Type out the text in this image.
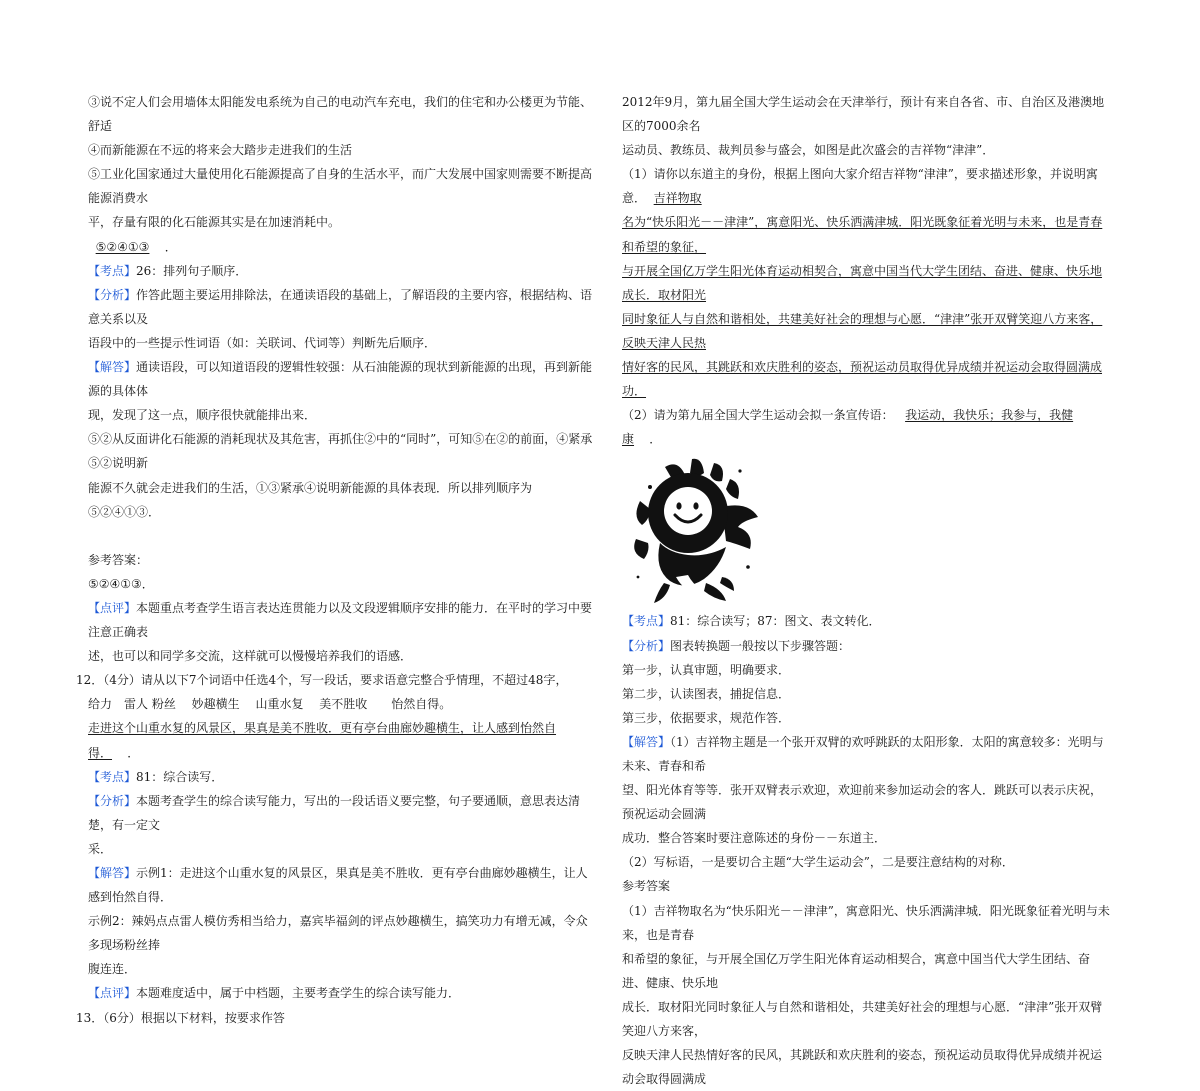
③说不定人们会用墙体太阳能发电系统为自己的电动汽车充电，我们的住宅和办公楼更为节能、舒适

④而新能源在不远的将来会大踏步走进我们的生活

⑤工业化国家通过大量使用化石能源提高了自身的生活水平，而广大发展中国家则需要不断提高能源消费水

平，存量有限的化石能源其实是在加速消耗中。

⑤②④①③ ．

【考点】26：排列句子顺序．

【分析】作答此题主要运用排除法，在通读语段的基础上，了解语段的主要内容，根据结构、语意关系以及

语段中的一些提示性词语（如：关联词、代词等）判断先后顺序．

【解答】通读语段，可以知道语段的逻辑性较强：从石油能源的现状到新能源的出现，再到新能源的具体体

现，发现了这一点，顺序很快就能排出来．

⑤②从反面讲化石能源的消耗现状及其危害，再抓住②中的“同时”，可知⑤在②的前面，④紧承⑤②说明新

能源不久就会走进我们的生活，①③紧承④说明新能源的具体表现．所以排列顺序为⑤②④①③．

参考答案：

⑤②④①③．

【点评】本题重点考查学生语言表达连贯能力以及文段逻辑顺序安排的能力．在平时的学习中要注意正确表

述，也可以和同学多交流，这样就可以慢慢培养我们的语感．

12．（4分）请从以下7个词语中任选4个，写一段话，要求语意完整合乎情理，不超过48字，

给力　雷人 粉丝　 妙趣横生　 山重水复　 美不胜收　　怡然自得。

走进这个山重水复的风景区，果真是美不胜收．更有亭台曲廊妙趣横生，让人感到怡然自得． ．

【考点】81：综合读写．

【分析】本题考查学生的综合读写能力，写出的一段话语义要完整，句子要通顺，意思表达清楚，有一定文

采．

【解答】示例1：走进这个山重水复的风景区，果真是美不胜收．更有亭台曲廊妙趣横生，让人感到怡然自得．

示例2：辣妈点点雷人模仿秀相当给力，嘉宾毕福剑的评点妙趣横生，搞笑功力有增无减，令众多现场粉丝捧

腹连连．

【点评】本题难度适中，属于中档题，主要考查学生的综合读写能力．

13．（6分）根据以下材料，按要求作答

2012年9月，第九届全国大学生运动会在天津举行，预计有来自各省、市、自治区及港澳地区的7000余名

运动员、教练员、裁判员参与盛会，如图是此次盛会的吉祥物“津津”．

（1）请你以东道主的身份，根据上图向大家介绍吉祥物“津津”，要求描述形象，并说明寓意． 吉祥物取

名为“快乐阳光－－津津”，寓意阳光、快乐洒满津城．阳光既象征着光明与未来，也是青春和希望的象征，

与开展全国亿万学生阳光体育运动相契合，寓意中国当代大学生团结、奋进、健康、快乐地成长．取材阳光

同时象征人与自然和谐相处，共建美好社会的理想与心愿．“津津”张开双臂笑迎八方来客，反映天津人民热

情好客的民风，其跳跃和欢庆胜利的姿态，预祝运动员取得优异成绩并祝运动会取得圆满成功．

（2）请为第九届全国大学生运动会拟一条宣传语： 我运动，我快乐；我参与，我健康 ．

【考点】81：综合读写；87：图文、表文转化．

【分析】图表转换题一般按以下步骤答题：

第一步，认真审题，明确要求．

第二步，认读图表，捕捉信息．

第三步，依据要求，规范作答．

【解答】（1）吉祥物主题是一个张开双臂的欢呼跳跃的太阳形象．太阳的寓意较多：光明与未来、青春和希

望、阳光体育等等．张开双臂表示欢迎，欢迎前来参加运动会的客人．跳跃可以表示庆祝，预祝运动会圆满

成功．整合答案时要注意陈述的身份－－东道主．

（2）写标语，一是要切合主题“大学生运动会”，二是要注意结构的对称．

参考答案

（1）吉祥物取名为“快乐阳光－－津津”，寓意阳光、快乐洒满津城．阳光既象征着光明与未来，也是青春

和希望的象征，与开展全国亿万学生阳光体育运动相契合，寓意中国当代大学生团结、奋进、健康、快乐地

成长．取材阳光同时象征人与自然和谐相处，共建美好社会的理想与心愿．“津津”张开双臂笑迎八方来客，

反映天津人民热情好客的民风，其跳跃和欢庆胜利的姿态，预祝运动员取得优异成绩并祝运动会取得圆满成
